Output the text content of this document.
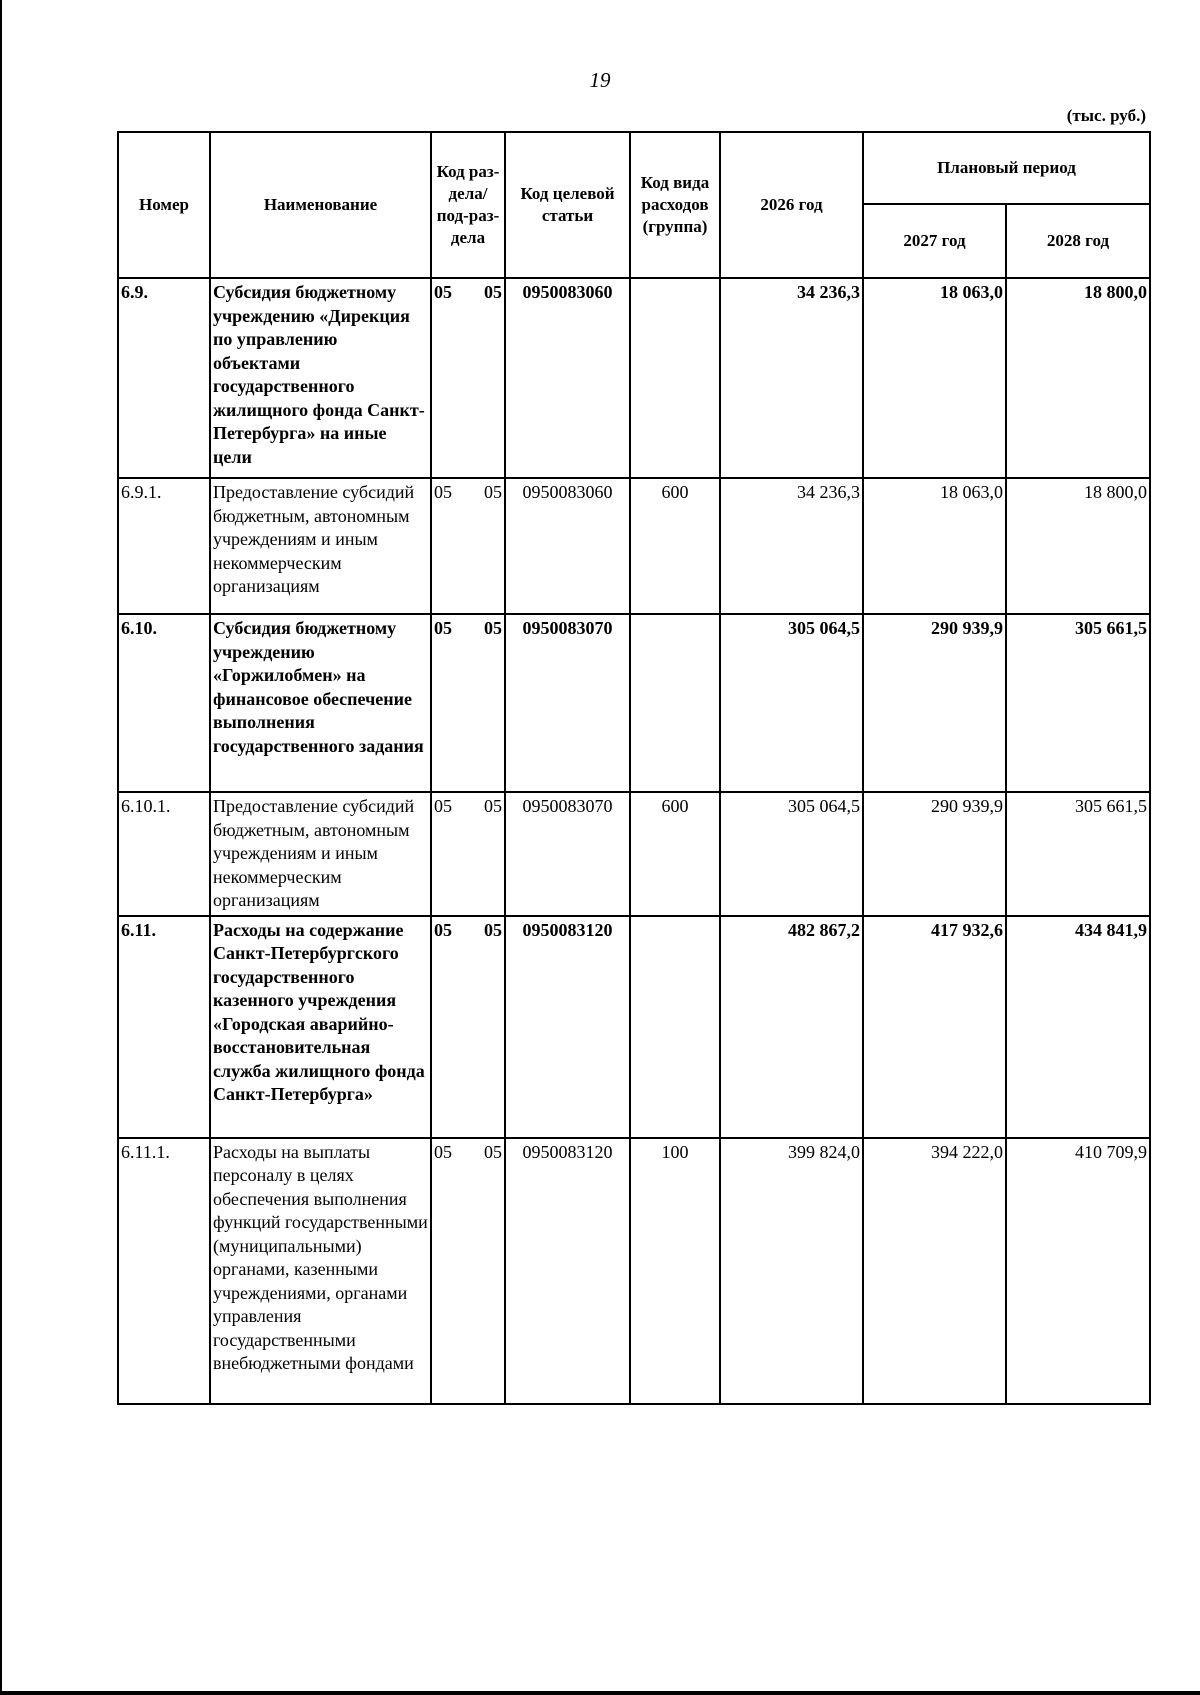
19
(тыс. руб.)
Номер	Наименование	Код раз-дела/ под-раз-дела	Код целевой статьи	Код вида расходов (группа)	2026 год	Плановый период	
						2027 год	2028 год
6.9.	Субсидия бюджетному учреждению «Дирекция по управлению объектами государственного жилищного фонда Санкт-Петербурга» на иные цели	05 05	0950083060		34 236,3	18 063,0	18 800,0
6.9.1.	Предоставление субсидий бюджетным, автономным учреждениям и иным некоммерческим организациям	05 05	0950083060	600	34 236,3	18 063,0	18 800,0
6.10.	Субсидия бюджетному учреждению «Горжилобмен» на финансовое обеспечение выполнения государственного задания	05 05	0950083070		305 064,5	290 939,9	305 661,5
6.10.1.	Предоставление субсидий бюджетным, автономным учреждениям и иным некоммерческим организациям	05 05	0950083070	600	305 064,5	290 939,9	305 661,5
6.11.	Расходы на содержание Санкт-Петербургского государственного казенного учреждения «Городская аварийно-восстановительная служба жилищного фонда Санкт-Петербурга»	05 05	0950083120		482 867,2	417 932,6	434 841,9
6.11.1.	Расходы на выплаты персоналу в целях обеспечения выполнения функций государственными (муниципальными) органами, казенными учреждениями, органами управления государственными внебюджетными фондами	05 05	0950083120	100	399 824,0	394 222,0	410 709,9
